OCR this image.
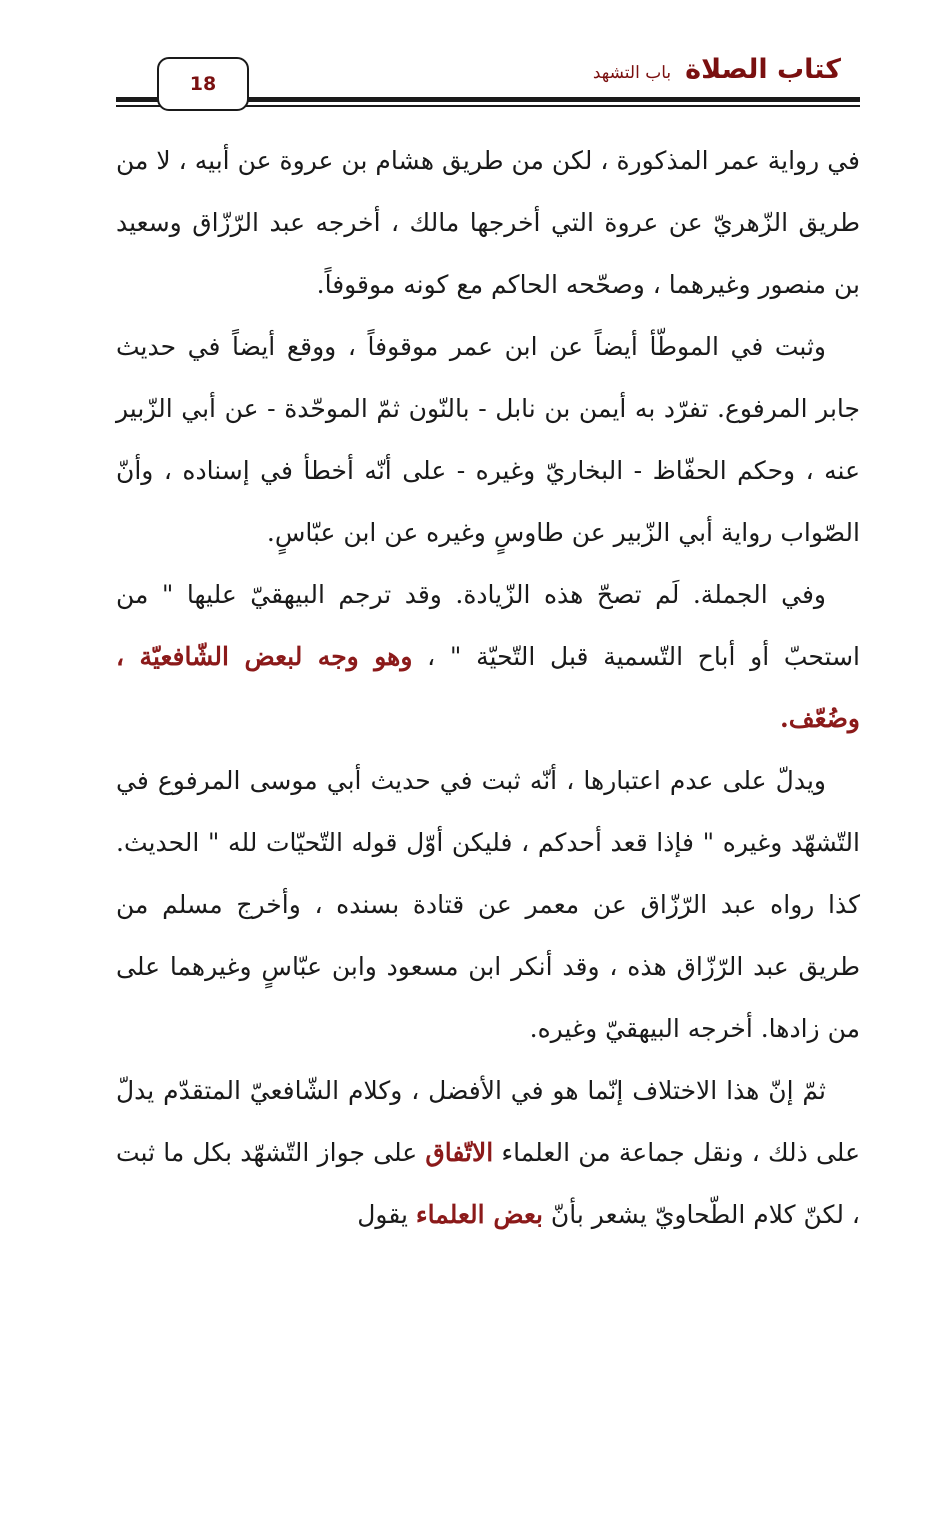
18	كتاب الصلاة
باب التشهد

في رواية عمر المذكورة ، لكن من طريق هشام بن عروة عن أبيه ، لا من طريق الزّهريّ عن عروة التي أخرجها مالك ، أخرجه عبد الرّزّاق وسعيد بن منصور وغيرهما ، وصحّحه الحاكم مع كونه موقوفاً.

وثبت في الموطّأ أيضاً عن ابن عمر موقوفاً ، ووقع أيضاً في حديث جابر المرفوع. تفرّد به أيمن بن نابل - بالنّون ثمّ الموحّدة - عن أبي الزّبير عنه ، وحكم الحفّاظ - البخاريّ وغيره - على أنّه أخطأ في إسناده ، وأنّ الصّواب رواية أبي الزّبير عن طاوسٍ وغيره عن ابن عبّاسٍ.

وفي الجملة. لَم تصحّ هذه الزّيادة. وقد ترجم البيهقيّ عليها " من استحبّ أو أباح التّسمية قبل التّحيّة " ، وهو وجه لبعض الشّافعيّة ، وضُعّف.

ويدلّ على عدم اعتبارها ، أنّه ثبت في حديث أبي موسى المرفوع في التّشهّد وغيره " فإذا قعد أحدكم ، فليكن أوّل قوله التّحيّات لله " الحديث. كذا رواه عبد الرّزّاق عن معمر عن قتادة بسنده ، وأخرج مسلم من طريق عبد الرّزّاق هذه ، وقد أنكر ابن مسعود وابن عبّاسٍ وغيرهما على من زادها. أخرجه البيهقيّ وغيره.

ثمّ إنّ هذا الاختلاف إنّما هو في الأفضل ، وكلام الشّافعيّ المتقدّم يدلّ على ذلك ، ونقل جماعة من العلماء الاتّفاق على جواز التّشهّد بكل ما ثبت ، لكنّ كلام الطّحاويّ يشعر بأنّ بعض العلماء يقول
